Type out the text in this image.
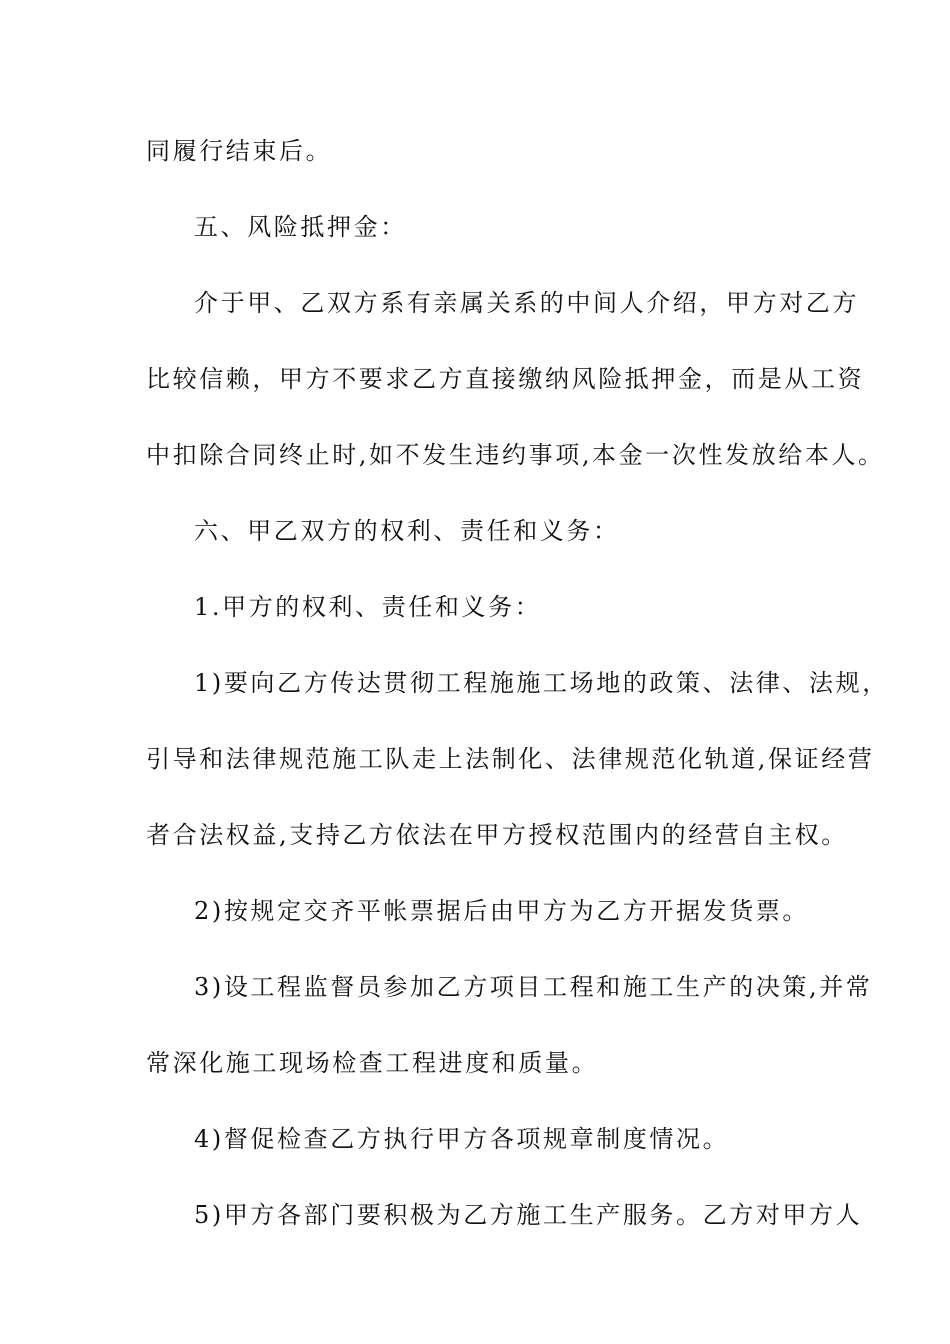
同履行结束后。
五、风险抵押金：
介于甲、乙双方系有亲属关系的中间人介绍，甲方对乙方
比较信赖，甲方不要求乙方直接缴纳风险抵押金，而是从工资
中扣除合同终止时,如不发生违约事项,本金一次性发放给本人。
六、甲乙双方的权利、责任和义务：
1.甲方的权利、责任和义务：
1)要向乙方传达贯彻工程施施工场地的政策、法律、法规，
引导和法律规范施工队走上法制化、法律规范化轨道,保证经营
者合法权益,支持乙方依法在甲方授权范围内的经营自主权。
2)按规定交齐平帐票据后由甲方为乙方开据发货票。
3)设工程监督员参加乙方项目工程和施工生产的决策,并常
常深化施工现场检查工程进度和质量。
4)督促检查乙方执行甲方各项规章制度情况。
5)甲方各部门要积极为乙方施工生产服务。乙方对甲方人
